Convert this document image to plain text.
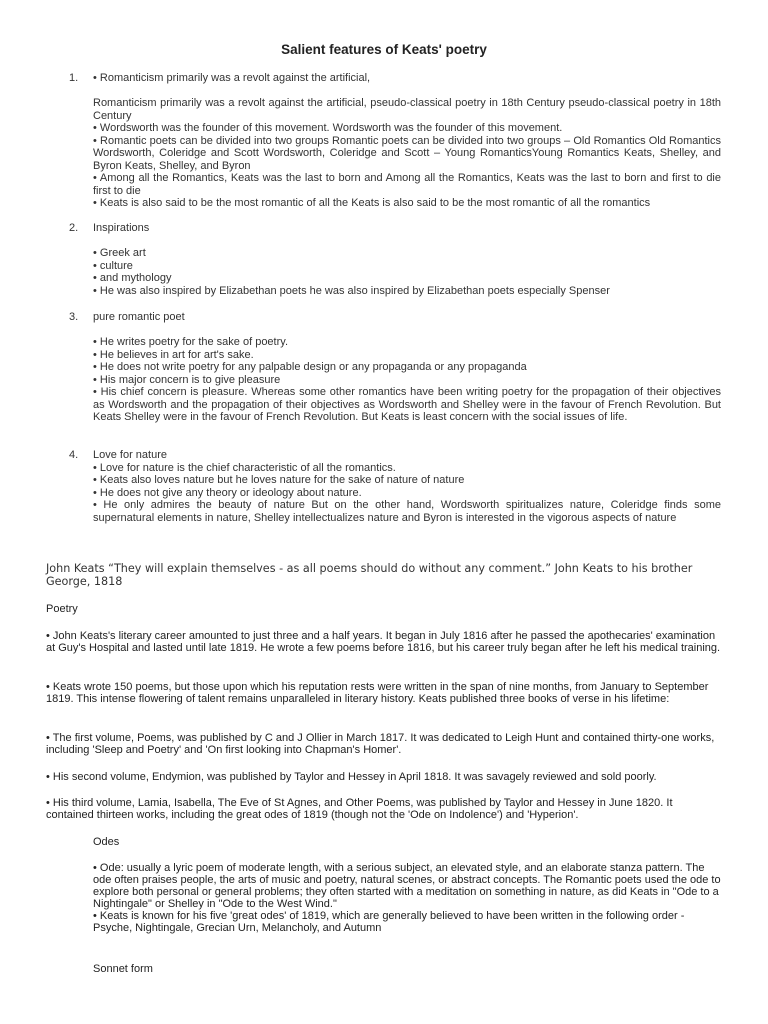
Salient features of Keats' poetry
1.	• Romanticism primarily was a revolt against the artificial,

Romanticism primarily was a revolt against the artificial, pseudo-classical poetry in 18th Century pseudo-classical poetry in 18th Century

• Wordsworth was the founder of this movement. Wordsworth was the founder of this movement.

• Romantic poets can be divided into two groups Romantic poets can be divided into two groups – Old Romantics Old Romantics Wordsworth, Coleridge and Scott Wordsworth, Coleridge and Scott – Young RomanticsYoung Romantics Keats, Shelley, and Byron Keats, Shelley, and Byron

• Among all the Romantics, Keats was the last to born and Among all the Romantics, Keats was the last to born and first to die first to die

• Keats is also said to be the most romantic of all the Keats is also said to be the most romantic of all the romantics

2.	Inspirations

• Greek art

• culture

• and mythology

• He was also inspired by Elizabethan poets he was also inspired by Elizabethan poets especially Spenser

3.	pure romantic poet

• He writes poetry for the sake of poetry.

• He believes in art for art's sake.

• He does not write poetry for any palpable design or any propaganda or any propaganda

• His major concern is to give pleasure

• His chief concern is pleasure. Whereas some other romantics have been writing poetry for the propagation of their objectives as Wordsworth and the propagation of their objectives as Wordsworth and Shelley were in the favour of French Revolution. But Keats Shelley were in the favour of French Revolution. But Keats is least concern with the social issues of life.

4.	Love for nature

• Love for nature is the chief characteristic of all the romantics.

• Keats also loves nature but he loves nature for the sake of nature of nature

• He does not give any theory or ideology about nature.

• He only admires the beauty of nature But on the other hand, Wordsworth spiritualizes nature, Coleridge finds some supernatural elements in nature, Shelley intellectualizes nature and Byron is interested in the vigorous aspects of nature

John Keats “They will explain themselves - as all poems should do without any comment.” John Keats to his brother George, 1818

Poetry

• John Keats's literary career amounted to just three and a half years. It began in July 1816 after he passed the apothecaries' examination at Guy's Hospital and lasted until late 1819. He wrote a few poems before 1816, but his career truly began after he left his medical training.

• Keats wrote 150 poems, but those upon which his reputation rests were written in the span of nine months, from January to September 1819. This intense flowering of talent remains unparalleled in literary history. Keats published three books of verse in his lifetime:

• The first volume, Poems, was published by C and J Ollier in March 1817. It was dedicated to Leigh Hunt and contained thirty-one works, including 'Sleep and Poetry' and 'On first looking into Chapman's Homer'.

• His second volume, Endymion, was published by Taylor and Hessey in April 1818. It was savagely reviewed and sold poorly.

• His third volume, Lamia, Isabella, The Eve of St Agnes, and Other Poems, was published by Taylor and Hessey in June 1820. It contained thirteen works, including the great odes of 1819 (though not the 'Ode on Indolence') and 'Hyperion'.

Odes

• Ode: usually a lyric poem of moderate length, with a serious subject, an elevated style, and an elaborate stanza pattern. The ode often praises people, the arts of music and poetry, natural scenes, or abstract concepts. The Romantic poets used the ode to explore both personal or general problems; they often started with a meditation on something in nature, as did Keats in "Ode to a Nightingale" or Shelley in "Ode to the West Wind."

• Keats is known for his five 'great odes' of 1819, which are generally believed to have been written in the following order - Psyche, Nightingale, Grecian Urn, Melancholy, and Autumn

Sonnet form
